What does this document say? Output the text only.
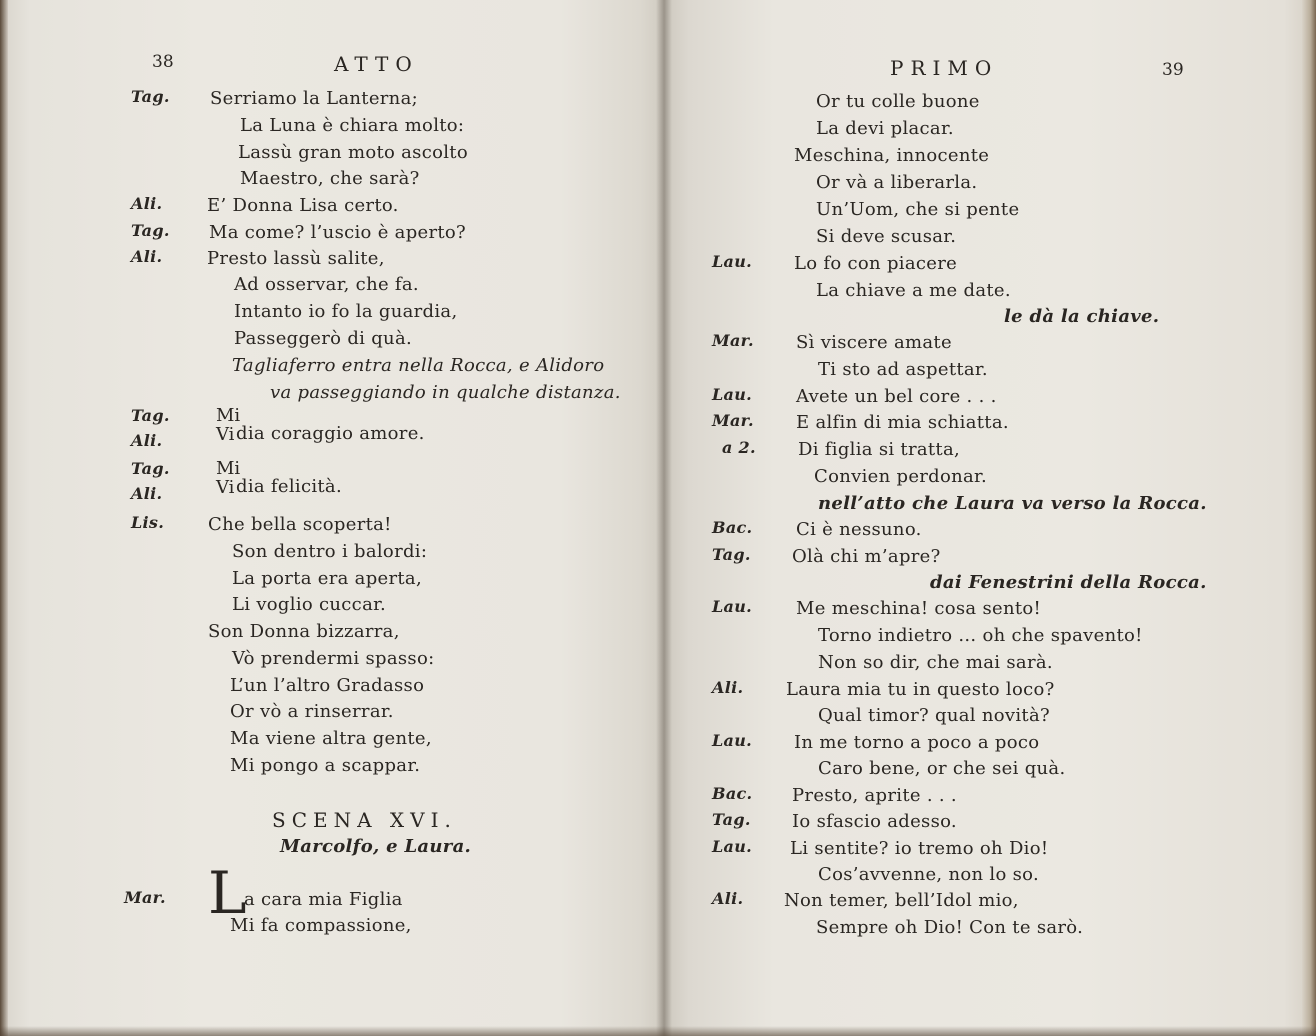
38	ATTO
Tag.
Ali.
Tag.
Ali.
Tag.
Ali.
Tag.
Ali.
Lis.
Mar.
Serriamo la Lanterna;
La Luna è chiara molto:
Lassù gran moto ascolto
Maestro, che sarà?
E’ Donna Lisa certo.
Ma come? l’uscio è aperto?
Presto lassù salite,
Ad osservar, che fa.
Intanto io fo la guardia,
Passeggerò di quà.
Tagliaferro entra nella Rocca, e Alidoro
va passeggiando in qualche distanza.
Mi
Vi dia coraggio amore.
Mi
Vi dia felicità.
Che bella scoperta!
Son dentro i balordi:
La porta era aperta,
Li voglio cuccar.
Son Donna bizzarra,
Vò prendermi spasso:
L’un l’altro Gradasso
Or vò a rinserrar.
Ma viene altra gente,
Mi pongo a scappar.
SCENA XVI.
Marcolfo, e Laura.
L
a cara mia Figlia
Mi fa compassione,
39
PRIMO
Or tu colle buone
La devi placar.
Meschina, innocente
Or và a liberarla.
Un’Uom, che si pente
Si deve scusar.
Lau.
Mar.
Lau.
Mar.
a 2.
Bac.
Tag.
Lau.
Ali.
Lau.
Bac.
Tag.
Lau.
Ali.
Lo fo con piacere
La chiave a me date.
le dà la chiave.
Sì viscere amate
Ti sto ad aspettar.
Avete un bel core . . .
E alfin di mia schiatta.
Di figlia si tratta,
Convien perdonar.
nell’atto che Laura va verso la Rocca.
Ci è nessuno.
Olà chi m’apre?
dai Fenestrini della Rocca.
Me meschina! cosa sento!
Torno indietro ... oh che spavento!
Non so dir, che mai sarà.
Laura mia tu in questo loco?
Qual timor? qual novità?
In me torno a poco a poco
Caro bene, or che sei quà.
Presto, aprite . . .
Io sfascio adesso.
Li sentite? io tremo oh Dio!
Cos’avvenne, non lo so.
Non temer, bell’Idol mio,
Sempre oh Dio! Con te sarò.
